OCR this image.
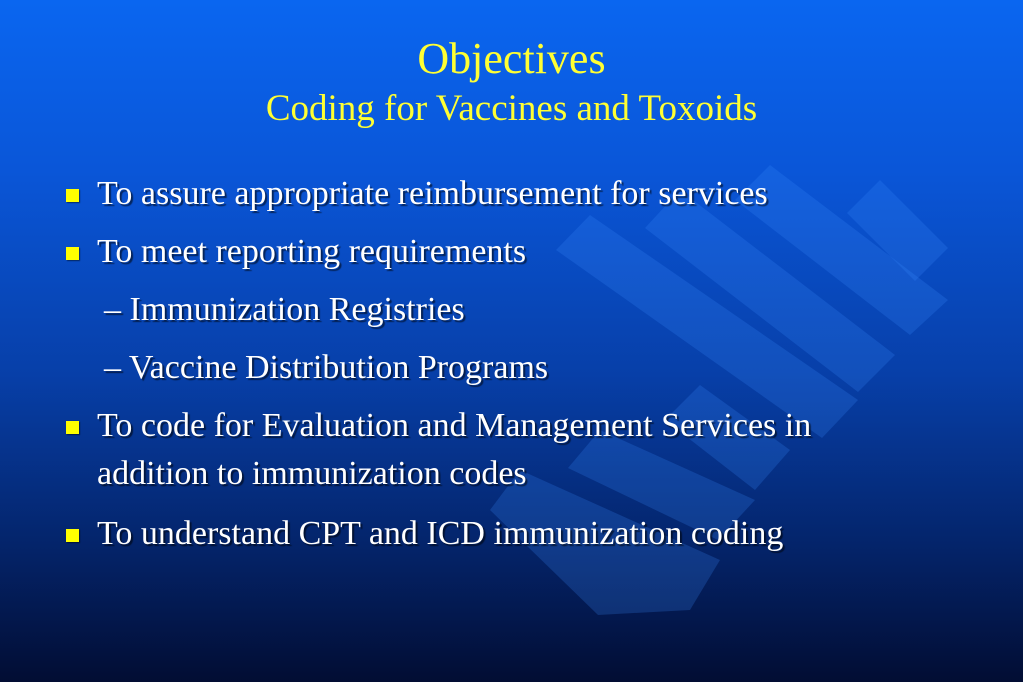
Objectives
Coding for Vaccines and Toxoids
To assure appropriate reimbursement for services
To meet reporting requirements
– Immunization Registries
– Vaccine Distribution Programs
To code for Evaluation and Management Services in
addition to immunization codes
To understand CPT and ICD immunization coding
